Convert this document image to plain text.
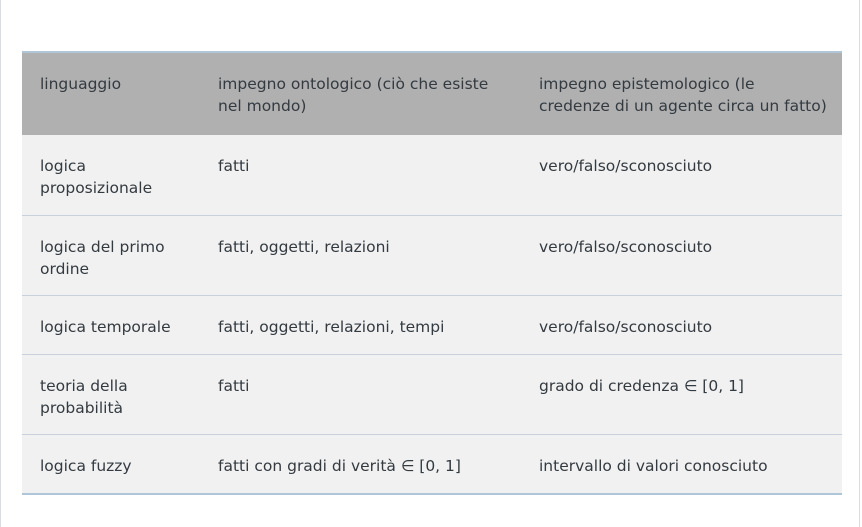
linguaggio	impegno ontologico (ciò che esiste nel mondo)	impegno epistemologico (le credenze di un agente circa un fatto)
logica proposizionale	fatti	vero/falso/sconosciuto
logica del primo ordine	fatti, oggetti, relazioni	vero/falso/sconosciuto
logica temporale	fatti, oggetti, relazioni, tempi	vero/falso/sconosciuto
teoria della probabilità	fatti	grado di credenza ∈ [0, 1]
logica fuzzy	fatti con gradi di verità ∈ [0, 1]	intervallo di valori conosciuto
